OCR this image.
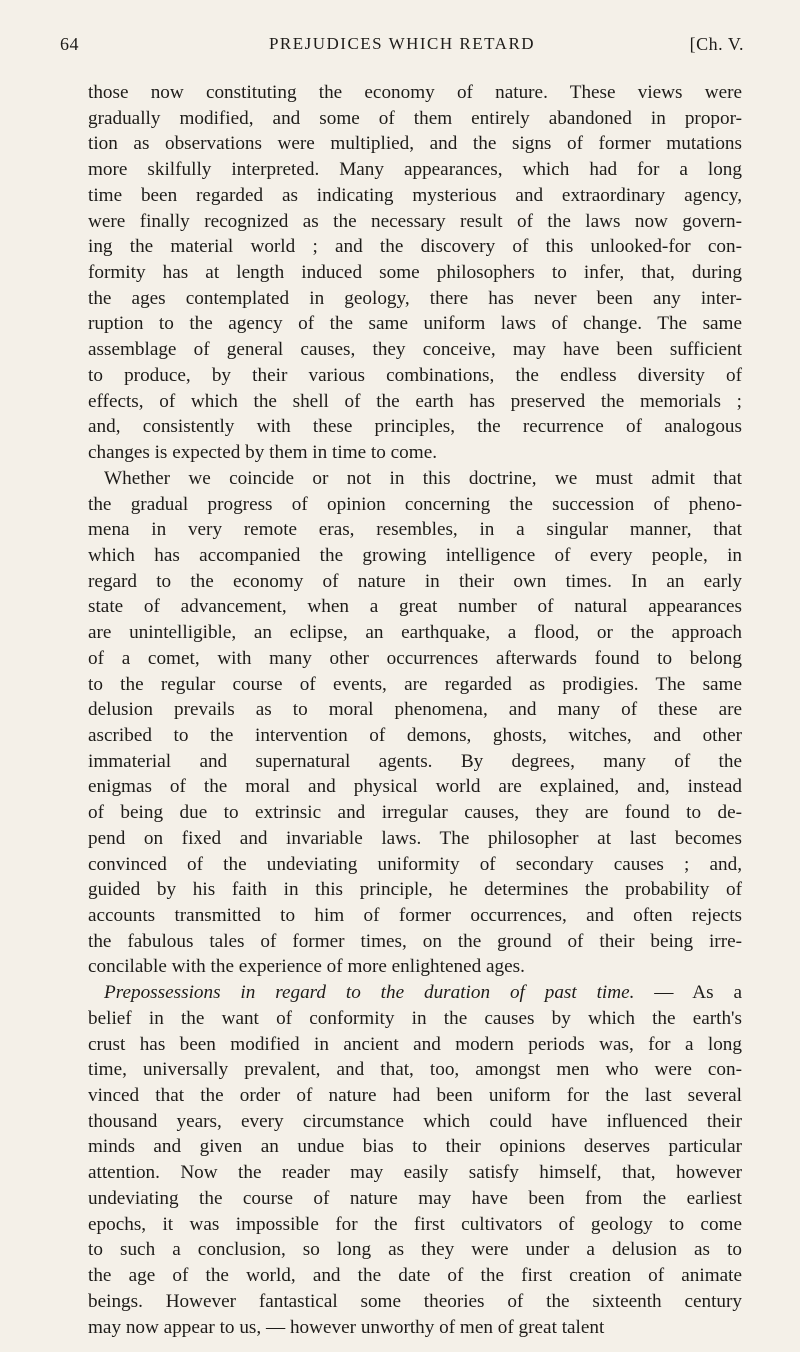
64	PREJUDICES WHICH RETARD	[Ch. V.
those now constituting the economy of nature. These views were
gradually modified, and some of them entirely abandoned in propor-
tion as observations were multiplied, and the signs of former mutations
more skilfully interpreted. Many appearances, which had for a long
time been regarded as indicating mysterious and extraordinary agency,
were finally recognized as the necessary result of the laws now govern-
ing the material world ; and the discovery of this unlooked-for con-
formity has at length induced some philosophers to infer, that, during
the ages contemplated in geology, there has never been any inter-
ruption to the agency of the same uniform laws of change. The same
assemblage of general causes, they conceive, may have been sufficient
to produce, by their various combinations, the endless diversity of
effects, of which the shell of the earth has preserved the memorials ;
and, consistently with these principles, the recurrence of analogous
changes is expected by them in time to come.
Whether we coincide or not in this doctrine, we must admit that
the gradual progress of opinion concerning the succession of pheno-
mena in very remote eras, resembles, in a singular manner, that
which has accompanied the growing intelligence of every people, in
regard to the economy of nature in their own times. In an early
state of advancement, when a great number of natural appearances
are unintelligible, an eclipse, an earthquake, a flood, or the approach
of a comet, with many other occurrences afterwards found to belong
to the regular course of events, are regarded as prodigies. The same
delusion prevails as to moral phenomena, and many of these are
ascribed to the intervention of demons, ghosts, witches, and other
immaterial and supernatural agents. By degrees, many of the
enigmas of the moral and physical world are explained, and, instead
of being due to extrinsic and irregular causes, they are found to de-
pend on fixed and invariable laws. The philosopher at last becomes
convinced of the undeviating uniformity of secondary causes ; and,
guided by his faith in this principle, he determines the probability of
accounts transmitted to him of former occurrences, and often rejects
the fabulous tales of former times, on the ground of their being irre-
concilable with the experience of more enlightened ages.
Prepossessions in regard to the duration of past time. — As a
belief in the want of conformity in the causes by which the earth's
crust has been modified in ancient and modern periods was, for a long
time, universally prevalent, and that, too, amongst men who were con-
vinced that the order of nature had been uniform for the last several
thousand years, every circumstance which could have influenced their
minds and given an undue bias to their opinions deserves particular
attention. Now the reader may easily satisfy himself, that, however
undeviating the course of nature may have been from the earliest
epochs, it was impossible for the first cultivators of geology to come
to such a conclusion, so long as they were under a delusion as to
the age of the world, and the date of the first creation of animate
beings. However fantastical some theories of the sixteenth century
may now appear to us, — however unworthy of men of great talent
